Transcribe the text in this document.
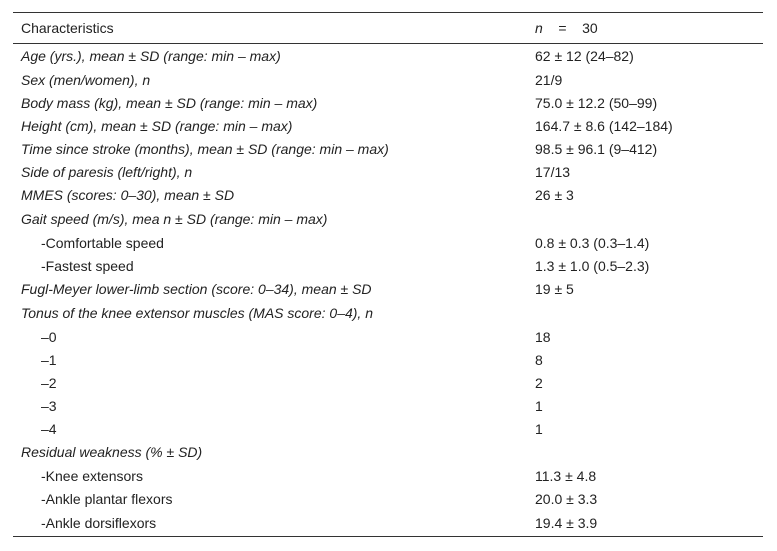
Characteristics	n = 30
Age (yrs.), mean ± SD (range: min – max)	62 ± 12 (24–82)
Sex (men/women), n	21/9
Body mass (kg), mean ± SD (range: min – max)	75.0 ± 12.2 (50–99)
Height (cm), mean ± SD (range: min – max)	164.7 ± 8.6 (142–184)
Time since stroke (months), mean ± SD (range: min – max)	98.5 ± 96.1 (9–412)
Side of paresis (left/right), n	17/13
MMES (scores: 0–30), mean ± SD	26 ± 3
Gait speed (m/s), mea n ± SD (range: min – max)	
-Comfortable speed	0.8 ± 0.3 (0.3–1.4)
-Fastest speed	1.3 ± 1.0 (0.5–2.3)
Fugl-Meyer lower-limb section (score: 0–34), mean ± SD	19 ± 5
Tonus of the knee extensor muscles (MAS score: 0–4), n	
–0	18
–1	8
–2	2
–3	1
–4	1
Residual weakness (% ± SD)	
-Knee extensors	11.3 ± 4.8
-Ankle plantar flexors	20.0 ± 3.3
-Ankle dorsiflexors	19.4 ± 3.9
